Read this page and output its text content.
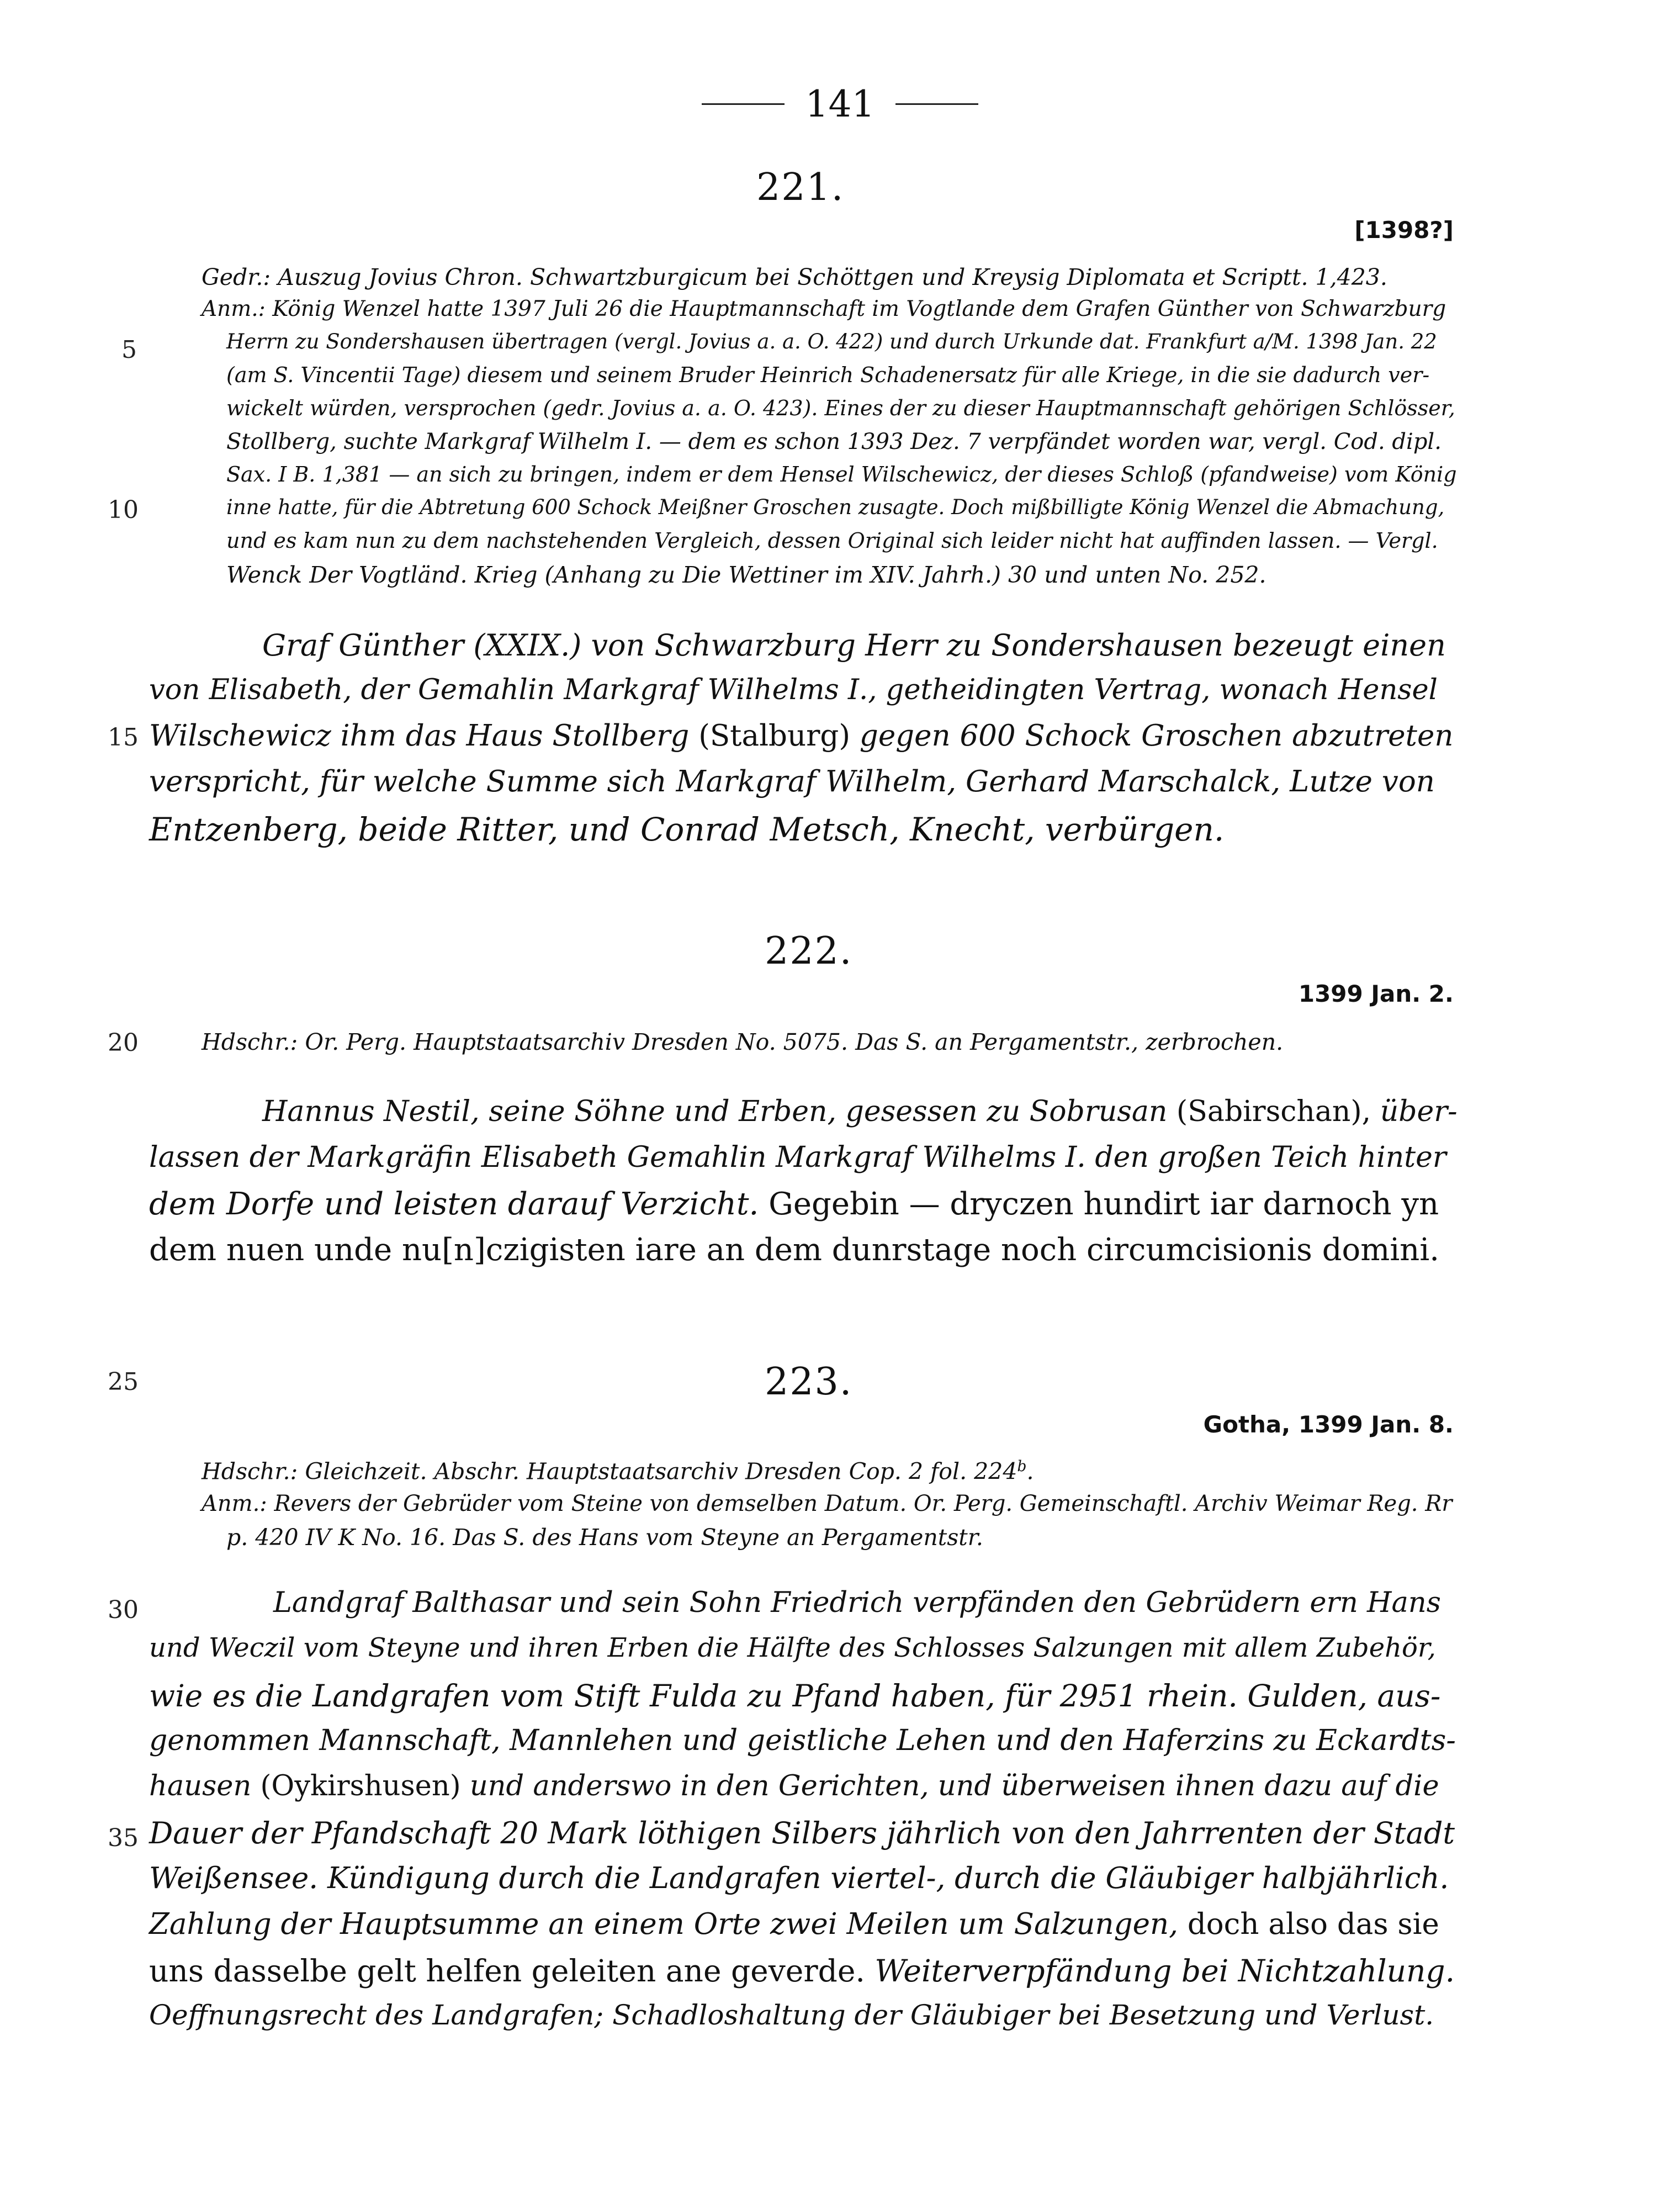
141
5
10
15
20
25
30
35
221.
[1398?]
Gedr.: Auszug Jovius Chron. Schwartzburgicum bei Schöttgen und Kreysig Diplomata et Scriptt. 1,423.
Anm.: König Wenzel hatte 1397 Juli 26 die Hauptmannschaft im Vogtlande dem Grafen Günther von Schwarzburg
Herrn zu Sondershausen übertragen (vergl. Jovius a. a. O. 422) und durch Urkunde dat. Frankfurt a/M. 1398 Jan. 22
(am S. Vincentii Tage) diesem und seinem Bruder Heinrich Schadenersatz für alle Kriege, in die sie dadurch ver-
wickelt würden, versprochen (gedr. Jovius a. a. O. 423). Eines der zu dieser Hauptmannschaft gehörigen Schlösser,
Stollberg, suchte Markgraf Wilhelm I. — dem es schon 1393 Dez. 7 verpfändet worden war, vergl. Cod. dipl.
Sax. I B. 1,381 — an sich zu bringen, indem er dem Hensel Wilschewicz, der dieses Schloß (pfandweise) vom König
inne hatte, für die Abtretung 600 Schock Meißner Groschen zusagte. Doch mißbilligte König Wenzel die Abmachung,
und es kam nun zu dem nachstehenden Vergleich, dessen Original sich leider nicht hat auffinden lassen. — Vergl.
Wenck Der Vogtländ. Krieg (Anhang zu Die Wettiner im XIV. Jahrh.) 30 und unten No. 252.
Graf Günther (XXIX.) von Schwarzburg Herr zu Sondershausen bezeugt einen
von Elisabeth, der Gemahlin Markgraf Wilhelms I., getheidingten Vertrag, wonach Hensel
Wilschewicz ihm das Haus Stollberg (Stalburg) gegen 600 Schock Groschen abzutreten
verspricht, für welche Summe sich Markgraf Wilhelm, Gerhard Marschalck, Lutze von
Entzenberg, beide Ritter, und Conrad Metsch, Knecht, verbürgen.
222.
1399 Jan. 2.
Hdschr.: Or. Perg. Hauptstaatsarchiv Dresden No. 5075. Das S. an Pergamentstr., zerbrochen.
Hannus Nestil, seine Söhne und Erben, gesessen zu Sobrusan (Sabirschan), über-
lassen der Markgräfin Elisabeth Gemahlin Markgraf Wilhelms I. den großen Teich hinter
dem Dorfe und leisten darauf Verzicht. Gegebin — dryczen hundirt iar darnoch yn
dem nuen unde nu[n]czigisten iare an dem dunrstage noch circumcisionis domini.
223.
Gotha, 1399 Jan. 8.
Hdschr.: Gleichzeit. Abschr. Hauptstaatsarchiv Dresden Cop. 2 fol. 224$^b$.
Anm.: Revers der Gebrüder vom Steine von demselben Datum. Or. Perg. Gemeinschaftl. Archiv Weimar Reg. Rr
p. 420 IV K No. 16. Das S. des Hans vom Steyne an Pergamentstr.
Landgraf Balthasar und sein Sohn Friedrich verpfänden den Gebrüdern ern Hans
und Weczil vom Steyne und ihren Erben die Hälfte des Schlosses Salzungen mit allem Zubehör,
wie es die Landgrafen vom Stift Fulda zu Pfand haben, für 2951 rhein. Gulden, aus-
genommen Mannschaft, Mannlehen und geistliche Lehen und den Haferzins zu Eckardts-
hausen (Oykirshusen) und anderswo in den Gerichten, und überweisen ihnen dazu auf die
Dauer der Pfandschaft 20 Mark löthigen Silbers jährlich von den Jahrrenten der Stadt
Weißensee. Kündigung durch die Landgrafen viertel-, durch die Gläubiger halbjährlich.
Zahlung der Hauptsumme an einem Orte zwei Meilen um Salzungen, doch also das sie
uns dasselbe gelt helfen geleiten ane geverde. Weiterverpfändung bei Nichtzahlung.
Oeffnungsrecht des Landgrafen; Schadloshaltung der Gläubiger bei Besetzung und Verlust.
